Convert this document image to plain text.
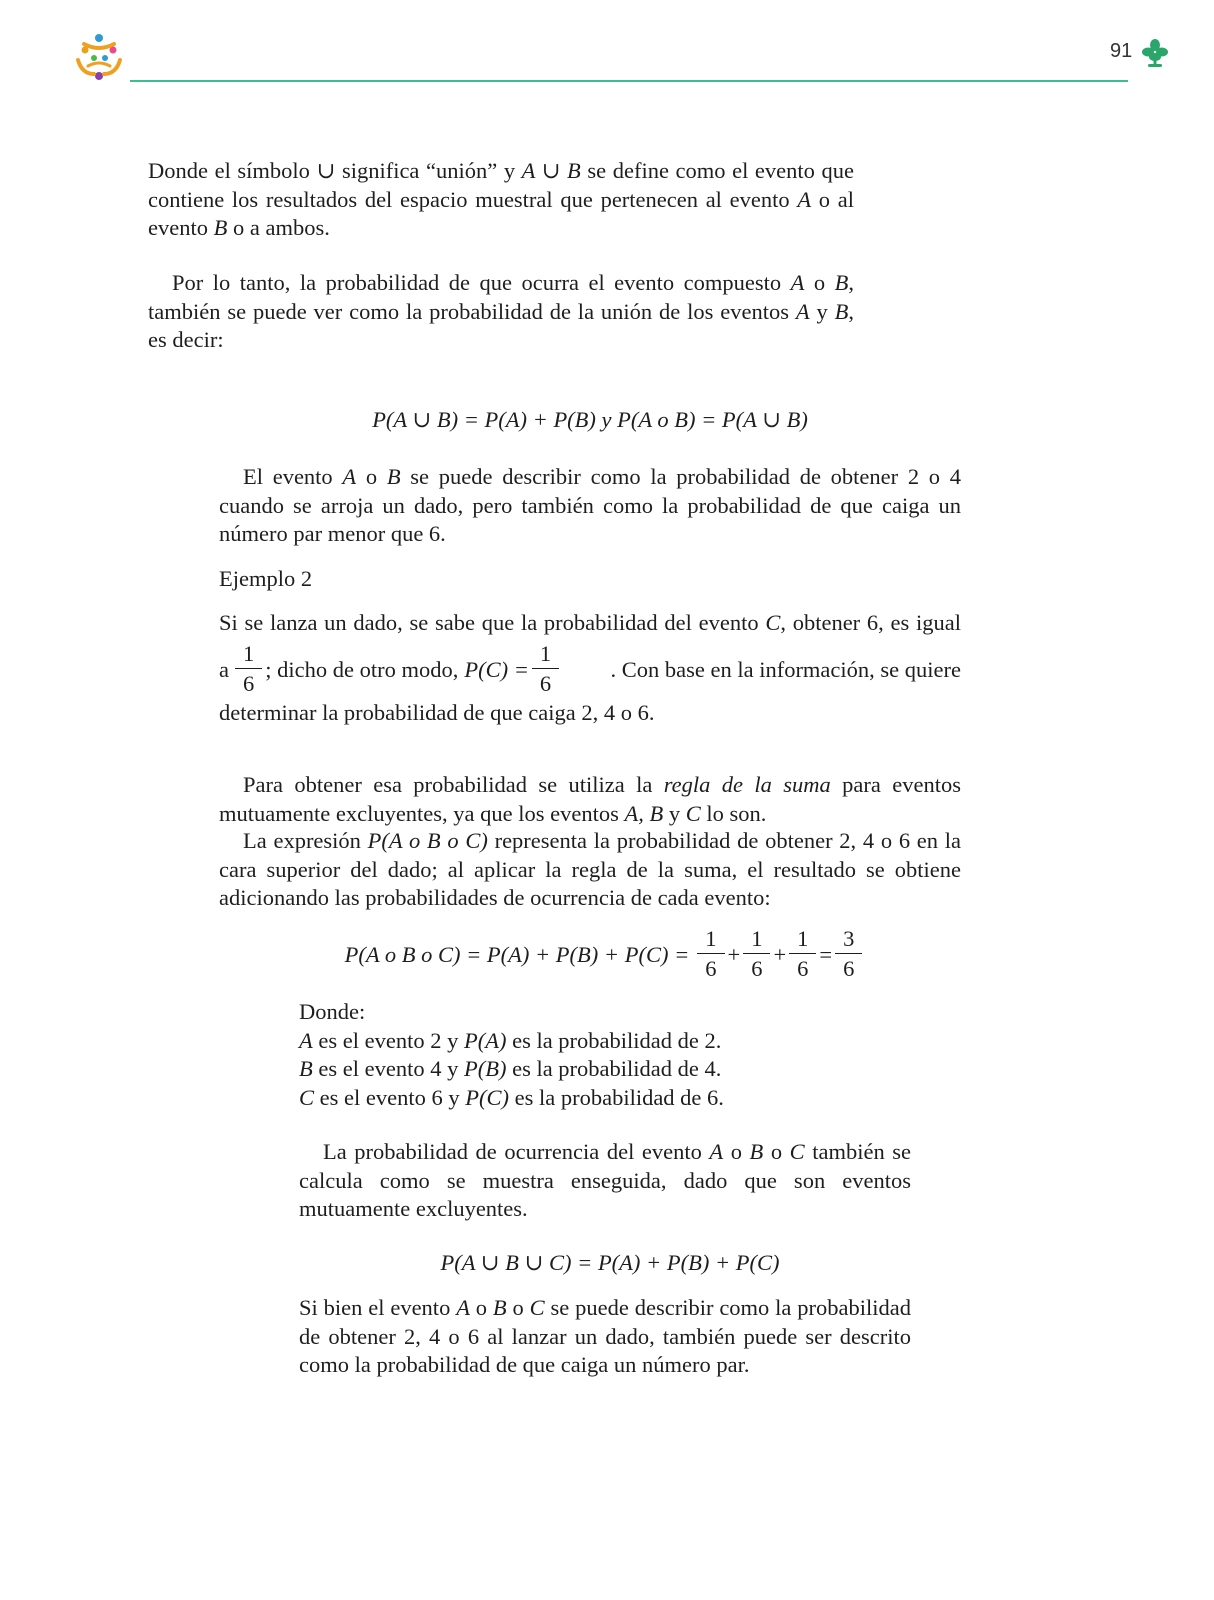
91

Donde el símbolo ∪ significa “unión” y A ∪ B se define como el evento que contiene los resultados del espacio muestral que pertenecen al evento A o al evento B o a ambos.

Por lo tanto, la probabilidad de que ocurra el evento compuesto A o B, también se puede ver como la probabilidad de la unión de los eventos A y B, es decir:

P(A ∪ B) = P(A) + P(B) y P(A o B) = P(A ∪ B)

El evento A o B se puede describir como la probabilidad de obtener 2 o 4 cuando se arroja un dado, pero también como la probabilidad de que caiga un número par menor que 6.

Ejemplo 2

Si se lanza un dado, se sabe que la probabilidad del evento C, obtener 6, es igual

a $\frac{1}{6}$ ; dicho de otro modo, $P(C) = \frac{1}{6}$ . Con base en la información, se quiere

determinar la probabilidad de que caiga 2, 4 o 6.

Para obtener esa probabilidad se utiliza la regla de la suma para eventos mutuamente excluyentes, ya que los eventos A, B y C lo son.

La expresión P(A o B o C) representa la probabilidad de obtener 2, 4 o 6 en la cara superior del dado; al aplicar la regla de la suma, el resultado se obtiene adicionando las probabilidades de ocurrencia de cada evento:

P(A o B o $C) = P(A) + P(B) + P(C) = \frac{1}{6} + \frac{1}{6} + \frac{1}{6} = \frac{3}{6}$
Donde:
A es el evento 2 y P(A) es la probabilidad de 2.
B es el evento 4 y P(B) es la probabilidad de 4.
C es el evento 6 y P(C) es la probabilidad de 6.

La probabilidad de ocurrencia del evento A o B o C también se calcula como se muestra enseguida, dado que son eventos mutuamente excluyentes.

P(A ∪ B ∪ C) = P(A) + P(B) + P(C)

Si bien el evento A o B o C se puede describir como la probabilidad de obtener 2, 4 o 6 al lanzar un dado, también puede ser descrito como la probabilidad de que caiga un número par.
